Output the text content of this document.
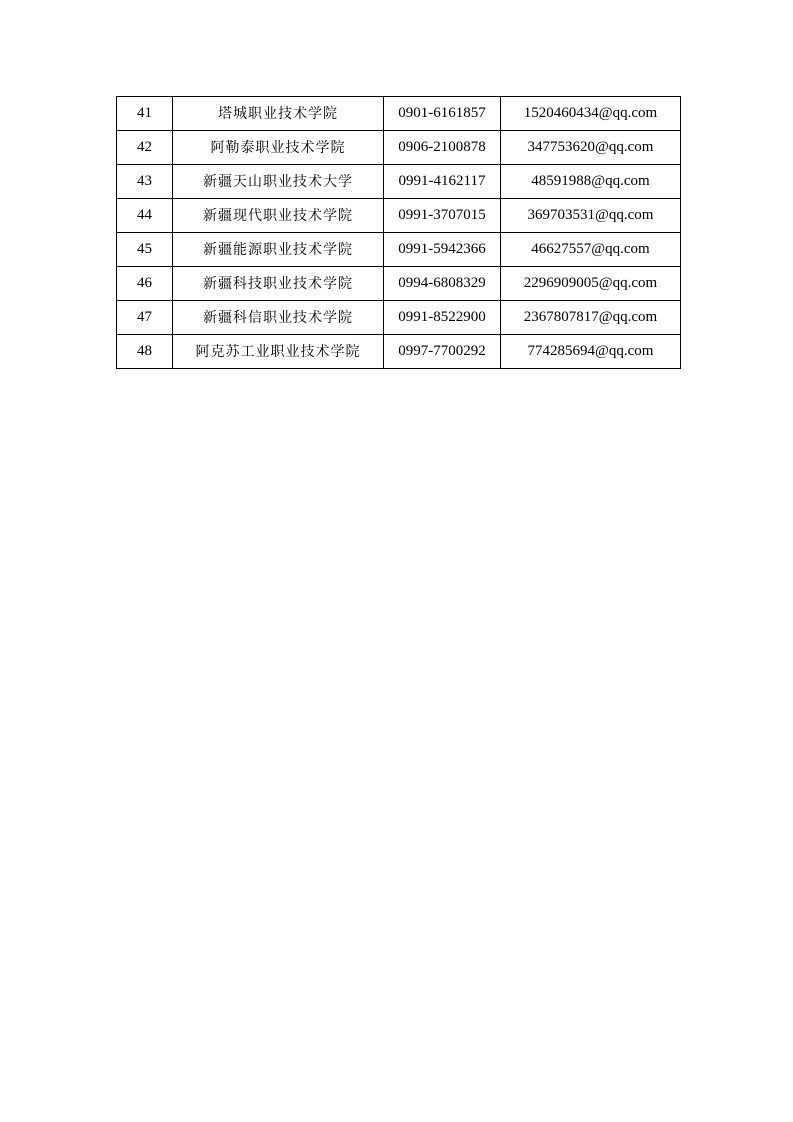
41	塔城职业技术学院	0901-6161857	1520460434@qq.com
42	阿勒泰职业技术学院	0906-2100878	347753620@qq.com
43	新疆天山职业技术大学	0991-4162117	48591988@qq.com
44	新疆现代职业技术学院	0991-3707015	369703531@qq.com
45	新疆能源职业技术学院	0991-5942366	46627557@qq.com
46	新疆科技职业技术学院	0994-6808329	2296909005@qq.com
47	新疆科信职业技术学院	0991-8522900	2367807817@qq.com
48	阿克苏工业职业技术学院	0997-7700292	774285694@qq.com
